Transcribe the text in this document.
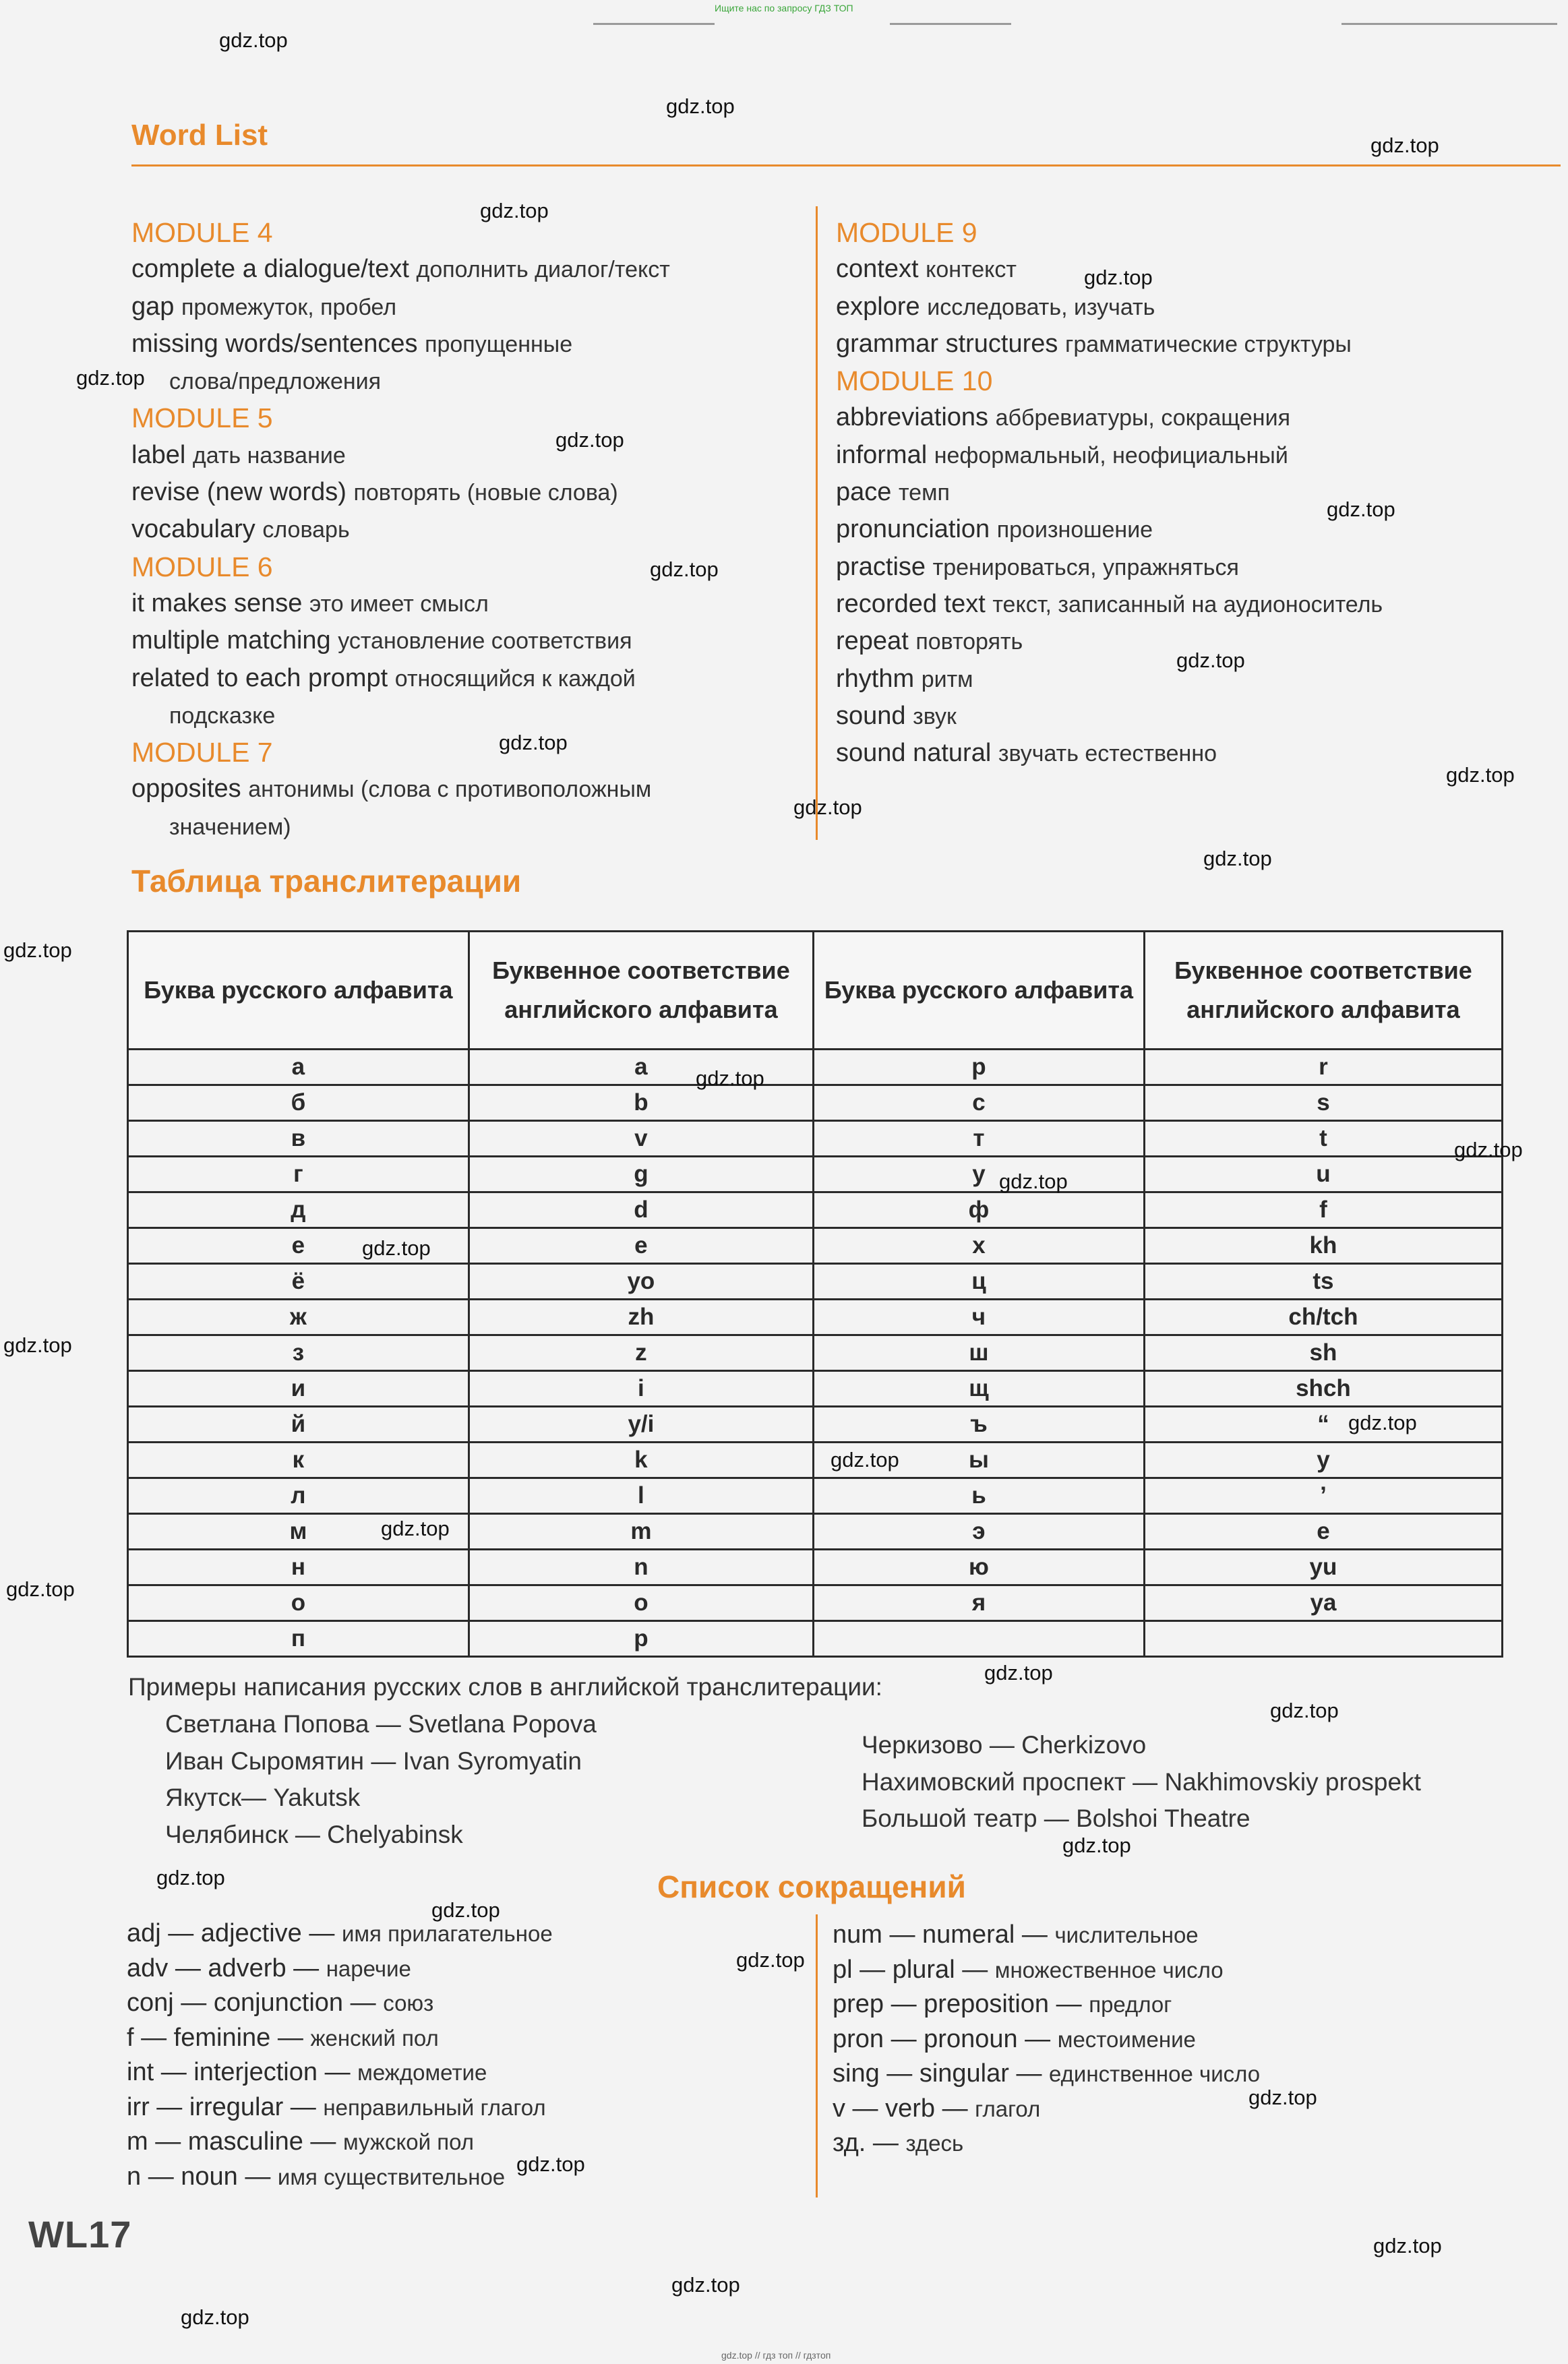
Ищите нас по запросу ГДЗ ТОП
Word List
MODULE 4
complete a dialogue/text дополнить диалог/текст
gap промежуток, пробел
missing words/sentences пропущенные
слова/предложения
MODULE 5
label дать название
revise (new words) повторять (новые слова)
vocabulary словарь
MODULE 6
it makes sense это имеет смысл
multiple matching установление соответствия
related to each prompt относящийся к каждой
подсказке
MODULE 7
opposites антонимы (слова с противоположным
значением)
MODULE 9
context контекст
explore исследовать, изучать
grammar structures грамматические структуры
MODULE 10
abbreviations аббревиатуры, сокращения
informal неформальный, неофициальный
pace темп
pronunciation произношение
practise тренироваться, упражняться
recorded text текст, записанный на аудионоситель
repeat повторять
rhythm ритм
sound звук
sound natural звучать естественно
Таблица транслитерации
Буква русского алфавита	Буквенное соответствие английского алфавита	Буква русского алфавита	Буквенное соответствие английского алфавита
а	a	р	r
б	b	с	s
в	v	т	t
г	g	у	u
д	d	ф	f
е	e	х	kh
ё	yo	ц	ts
ж	zh	ч	ch/tch
з	z	ш	sh
и	i	щ	shch
й	y/i	ъ	“
к	k	ы	y
л	l	ь	’
м	m	э	e
н	n	ю	yu
о	o	я	ya
п	p		
Примеры написания русских слов в английской транслитерации:
Светлана Попова — Svetlana Popova
Иван Сыромятин — Ivan Syromyatin
Якутск— Yakutsk
Челябинск — Chelyabinsk
Черкизово — Cherkizovo
Нахимовский проспект — Nakhimovskiy prospekt
Большой театр — Bolshoi Theatre
Список сокращений
adj — adjective — имя прилагательное
adv — adverb — наречие
conj — conjunction — союз
f — feminine — женский пол
int — interjection — междометие
irr — irregular — неправильный глагол
m — masculine — мужской пол
n — noun — имя существительное
num — numeral — числительное
pl — plural — множественное число
prep — preposition — предлог
pron — pronoun — местоимение
sing — singular — единственное число
v — verb — глагол
зд. — здесь
WL17
gdz.top // гдз топ // гдзтоп
gdz.top
gdz.top
gdz.top
gdz.top
gdz.top
gdz.top
gdz.top
gdz.top
gdz.top
gdz.top
gdz.top
gdz.top
gdz.top
gdz.top
gdz.top
gdz.top
gdz.top
gdz.top
gdz.top
gdz.top
gdz.top
gdz.top
gdz.top
gdz.top
gdz.top
gdz.top
gdz.top
gdz.top
gdz.top
gdz.top
gdz.top
gdz.top
gdz.top
gdz.top
gdz.top
